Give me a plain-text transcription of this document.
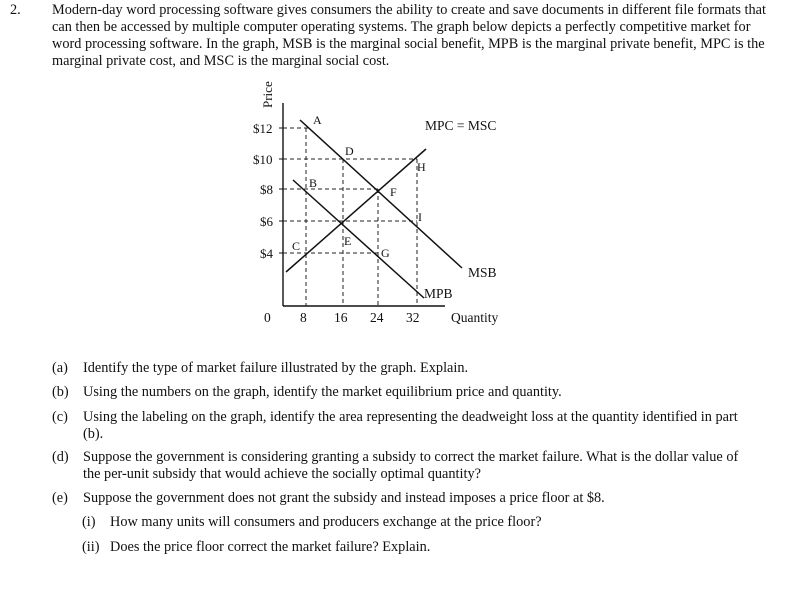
2. Modern-day word processing software gives consumers the ability to create and save documents in different file formats that can then be accessed by multiple computer operating systems. The graph below depicts a perfectly competitive market for word processing software. In the graph, MSB is the marginal social benefit, MPB is the marginal private benefit, MPC is the marginal private cost, and MSC is the marginal social cost.
Price
Quantity
0
$12
$10
$8
$6
$4
8 16 24 32
MPC = MSC
MSB
MPB
A
B
C
D
E
F
G
H
I
(a) Identify the type of market failure illustrated by the graph. Explain.
(b) Using the numbers on the graph, identify the market equilibrium price and quantity.
(c) Using the labeling on the graph, identify the area representing the deadweight loss at the quantity identified in part (b).
(d) Suppose the government is considering granting a subsidy to correct the market failure. What is the dollar value of the per-unit subsidy that would achieve the socially optimal quantity?
(e) Suppose the government does not grant the subsidy and instead imposes a price floor at $8.
(i) How many units will consumers and producers exchange at the price floor?
(ii) Does the price floor correct the market failure? Explain.
